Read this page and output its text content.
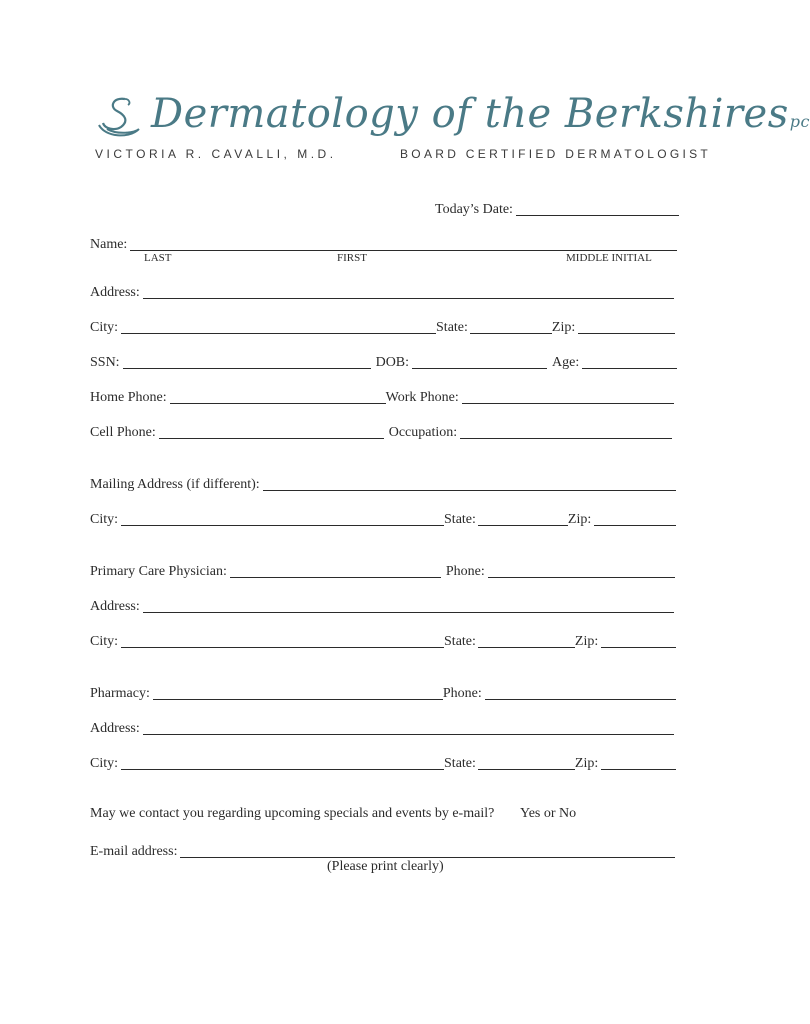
Dermatology of the Berkshirespc
VICTORIA R. CAVALLI, M.D.	BOARD CERTIFIED DERMATOLOGIST
Today’s Date:
Name:
LAST	FIRST	MIDDLE INITIAL
Address:
City:	State:	Zip:
SSN:	DOB:	Age:
Home Phone:	Work Phone:
Cell Phone:	Occupation:
Mailing Address (if different):
City:	State:	Zip:
Primary Care Physician:	Phone:
Address:
City:	State:	Zip:
Pharmacy:	Phone:
Address:
City:	State:	Zip:
May we contact you regarding upcoming specials and events by e-mail? Yes or No
E-mail address:
(Please print clearly)
